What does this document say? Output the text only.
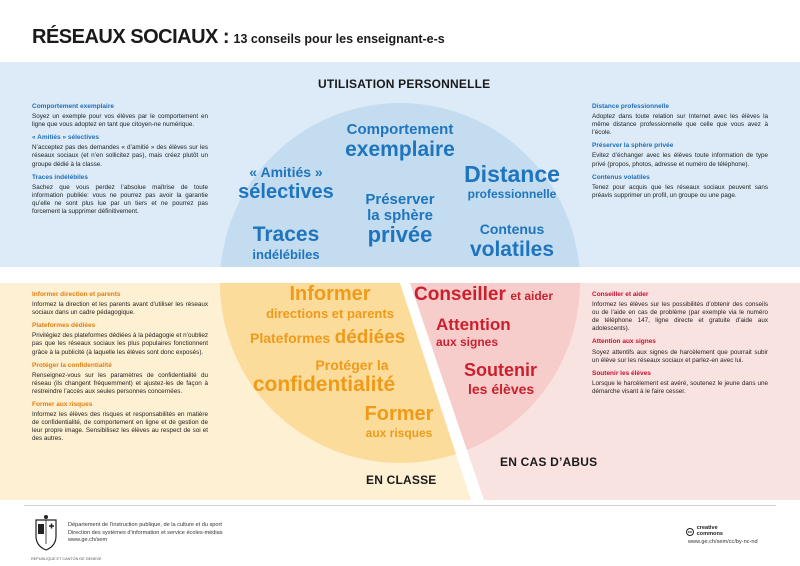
RÉSEAUX SOCIAUX : 13 conseils pour les enseignant-e-s
UTILISATION PERSONNELLE
EN CLASSE
EN CAS D’ABUS
Comportement exemplaire

Soyez un exemple pour vos élèves par le comportement en ligne que vous adoptez en tant que citoyen-ne numérique.

« Amitiés » sélectives

N’acceptez pas des demandes « d’amitié » des élèves sur les réseaux sociaux (et n’en sollicitez pas), mais créez plutôt un groupe dédié à la classe.

Traces indélébiles

Sachez que vous perdez l’absolue maîtrise de toute information publiée: vous ne pourrez pas avoir la garantie qu’elle ne sont plus lue par un tiers et ne pourrez pas forcement la supprimer définitivement.

Distance professionnelle

Adoptez dans toute relation sur Internet avec les élèves la même distance professionnelle que celle que vous avez à l’école.

Préserver la sphère privée

Evitez d’échanger avec les élèves toute information de type privé (propos, photos, adresse et numéro de téléphone).

Contenus volatiles

Tenez pour acquis que les réseaux sociaux peuvent sans préavis supprimer un profil, un groupe ou une page.

Informer direction et parents

Informez la direction et les parents avant d’utiliser les réseaux sociaux dans un cadre pédagogique.

Plateformes dédiées

Privilégiez des plateformes dédiées à la pédagogie et n’oubliez pas que les réseaux sociaux les plus populaires fonctionnent grâce à la publicité (à laquelle les élèves sont donc exposés).

Protéger la confidentialité

Renseignez-vous sur les paramètres de confidentialité du réseau (ils changent fréquemment) et ajustez-les de façon à restreindre l’accès aux seules personnes concernées.

Former aux risques

Informez les élèves des risques et responsabilités en matière de confidentialité, de comportement en ligne et de gestion de leur propre image. Sensibilisez les élèves au respect de soi et des autres.

Conseiller et aider

Informez les élèves sur les possibilités d’obtenir des conseils ou de l’aide en cas de problème (par exemple via le numéro de téléphone 147, ligne directe et gratuite d’aide aux adolescents).

Attention aux signes

Soyez attentifs aux signes de harcèlement que pourrait subir un élève sur les réseaux sociaux et parlez-en avec lui.

Soutenir les élèves

Lorsque le harcèlement est avéré, soutenez le jeune dans une démarche visant à le faire cesser.

Comportement
exemplaire
« Amitiés »
sélectives
Distance
professionnelle
Préserver
la sphère
privée
Traces
indélébiles
Contenus
volatiles
Informer
directions et parents
Plateformes dédiées
Protéger la
confidentialité
Former
aux risques
Conseiller et aider
Attention
aux signes
Soutenir
les élèves
REPUBLIQUE ET CANTON DE GENEVE
Département de l’instruction publique, de la culture et du sport
Direction des systèmes d’information et service écoles-médias
www.ge.ch/sem
cc
creative
commons
www.ge.ch/sem/cc/by-nc-nd
